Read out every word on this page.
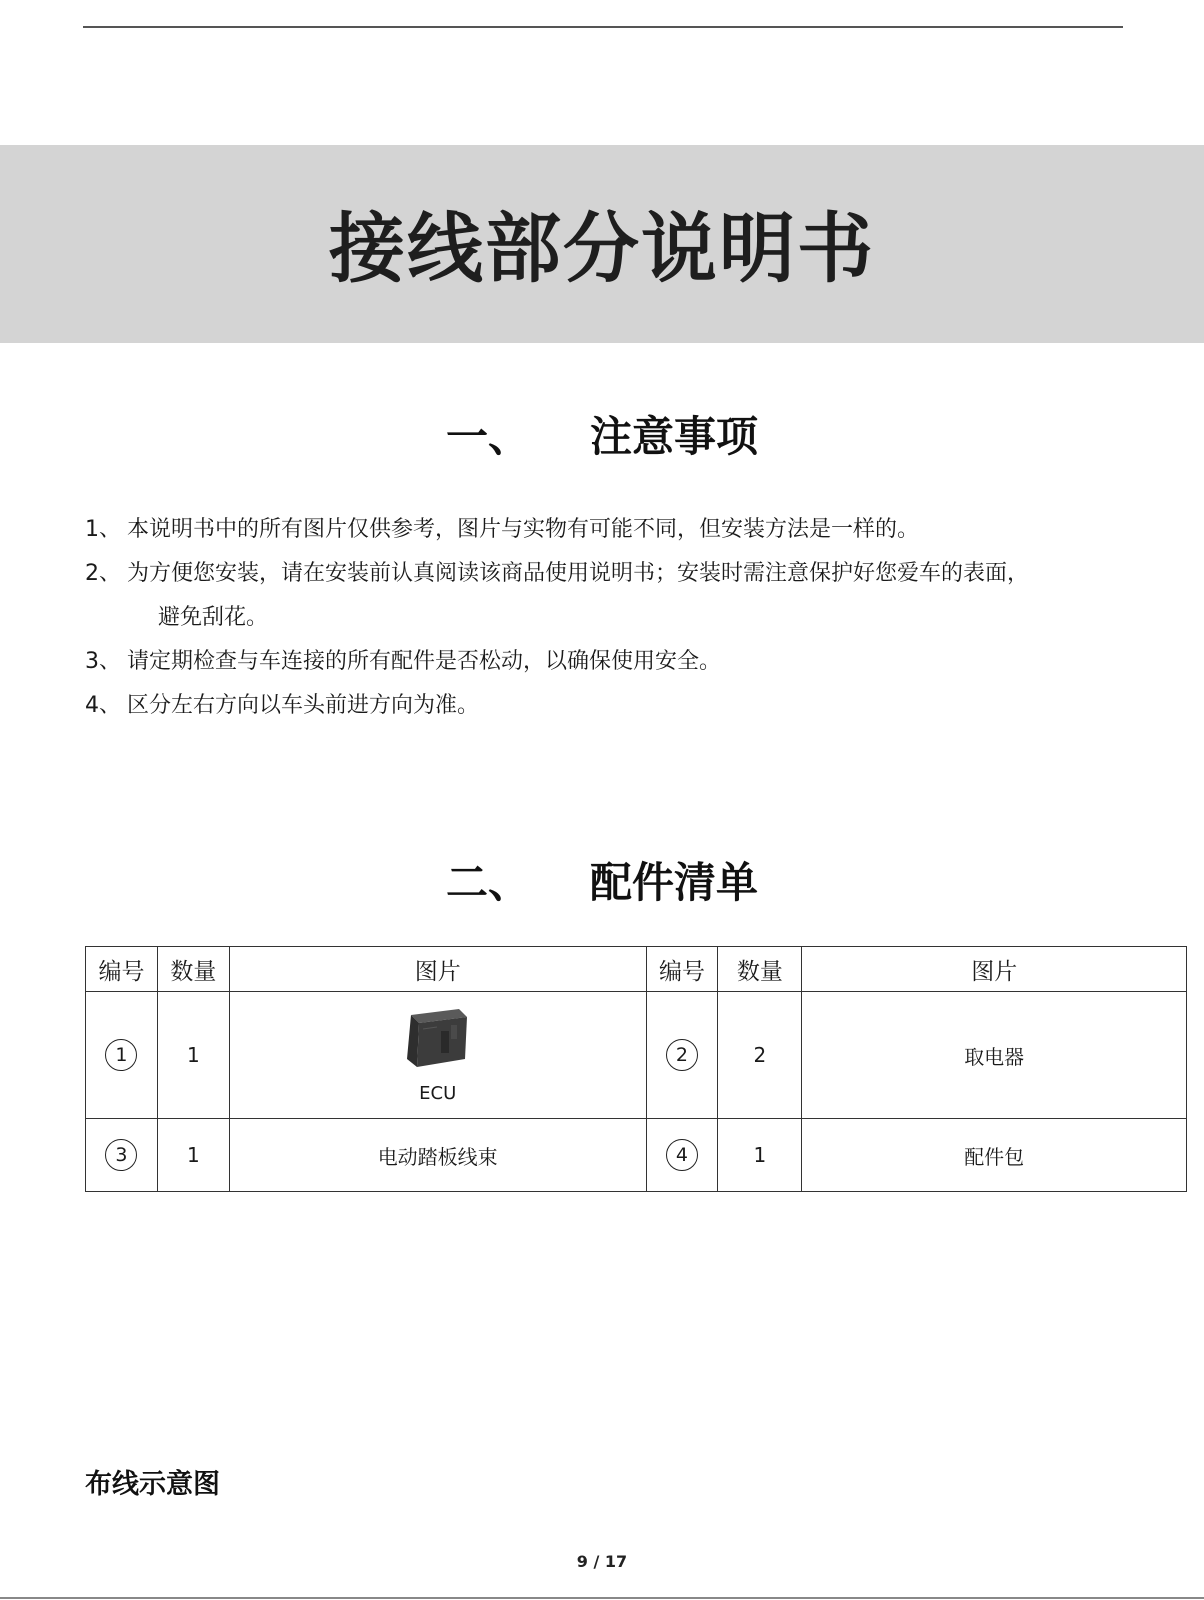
接线部分说明书
一、 注意事项
1、 本说明书中的所有图片仅供参考，图片与实物有可能不同，但安装方法是一样的。
2、 为方便您安装，请在安装前认真阅读该商品使用说明书；安装时需注意保护好您爱车的表面，
避免刮花。
3、 请定期检查与车连接的所有配件是否松动，以确保使用安全。
4、 区分左右方向以车头前进方向为准。
二、 配件清单
编号	数量	图片	编号	数量	图片
1	1	ECU	2	2	取电器
3	1	电动踏板线束	4	1	配件包
布线示意图
9 / 17
